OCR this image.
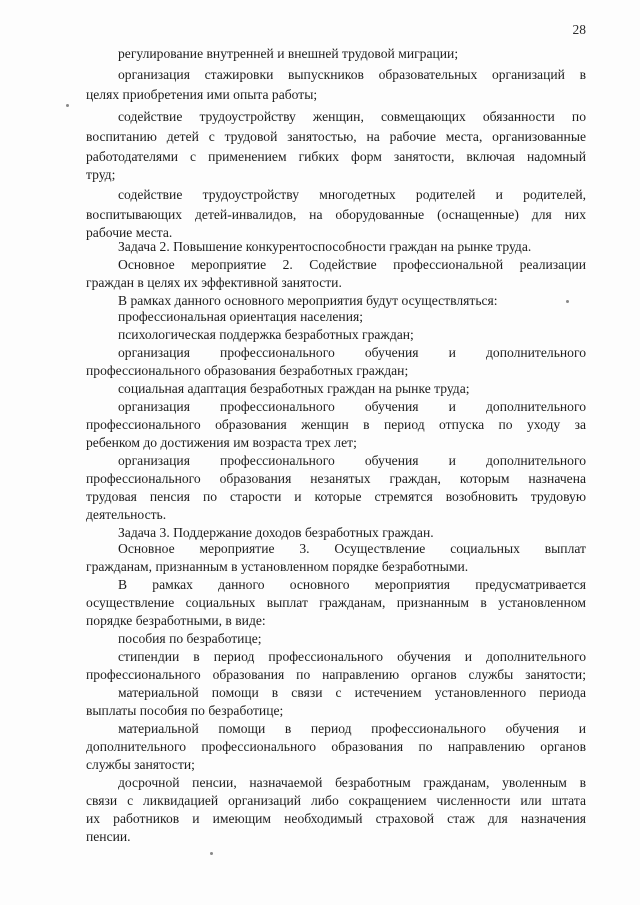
28
регулирование внутренней и внешней трудовой миграции;
организация стажировки выпускников образовательных организаций в
целях приобретения ими опыта работы;
содействие трудоустройству женщин, совмещающих обязанности по
воспитанию детей с трудовой занятостью, на рабочие места, организованные
работодателями с применением гибких форм занятости, включая надомный
труд;
содействие трудоустройству многодетных родителей и родителей,
воспитывающих детей-инвалидов, на оборудованные (оснащенные) для них
рабочие места.
Задача 2. Повышение конкурентоспособности граждан на рынке труда.
Основное мероприятие 2. Содействие профессиональной реализации
граждан в целях их эффективной занятости.
В рамках данного основного мероприятия будут осуществляться:
профессиональная ориентация населения;
психологическая поддержка безработных граждан;
организация профессионального обучения и дополнительного
профессионального образования безработных граждан;
социальная адаптация безработных граждан на рынке труда;
организация профессионального обучения и дополнительного
профессионального образования женщин в период отпуска по уходу за
ребенком до достижения им возраста трех лет;
организация профессионального обучения и дополнительного
профессионального образования незанятых граждан, которым назначена
трудовая пенсия по старости и которые стремятся возобновить трудовую
деятельность.
Задача 3. Поддержание доходов безработных граждан.
Основное мероприятие 3. Осуществление социальных выплат
гражданам, признанным в установленном порядке безработными.
В рамках данного основного мероприятия предусматривается
осуществление социальных выплат гражданам, признанным в установленном
порядке безработными, в виде:
пособия по безработице;
стипендии в период профессионального обучения и дополнительного
профессионального образования по направлению органов службы занятости;
материальной помощи в связи с истечением установленного периода
выплаты пособия по безработице;
материальной помощи в период профессионального обучения и
дополнительного профессионального образования по направлению органов
службы занятости;
досрочной пенсии, назначаемой безработным гражданам, уволенным в
связи с ликвидацией организаций либо сокращением численности или штата
их работников и имеющим необходимый страховой стаж для назначения
пенсии.
